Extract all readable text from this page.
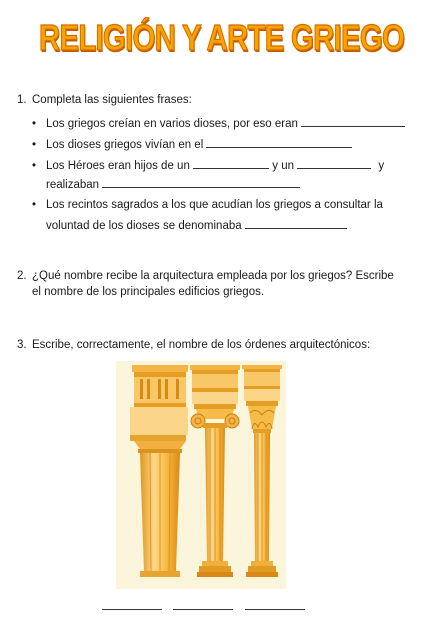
RELIGIÓN Y ARTE GRIEGO
1. Completa las siguientes frases:
• Los griegos creían en varios dioses, por eso eran
• Los dioses griegos vivían en el
• Los Héroes eran hijos de un	y un	y
realizaban
• Los recintos sagrados a los que acudían los griegos a consultar la
voluntad de los dioses se denominaba
2. ¿Qué nombre recibe la arquitectura empleada por los griegos? Escribe
el nombre de los principales edificios griegos.
3. Escribe, correctamente, el nombre de los órdenes arquitectónicos:
